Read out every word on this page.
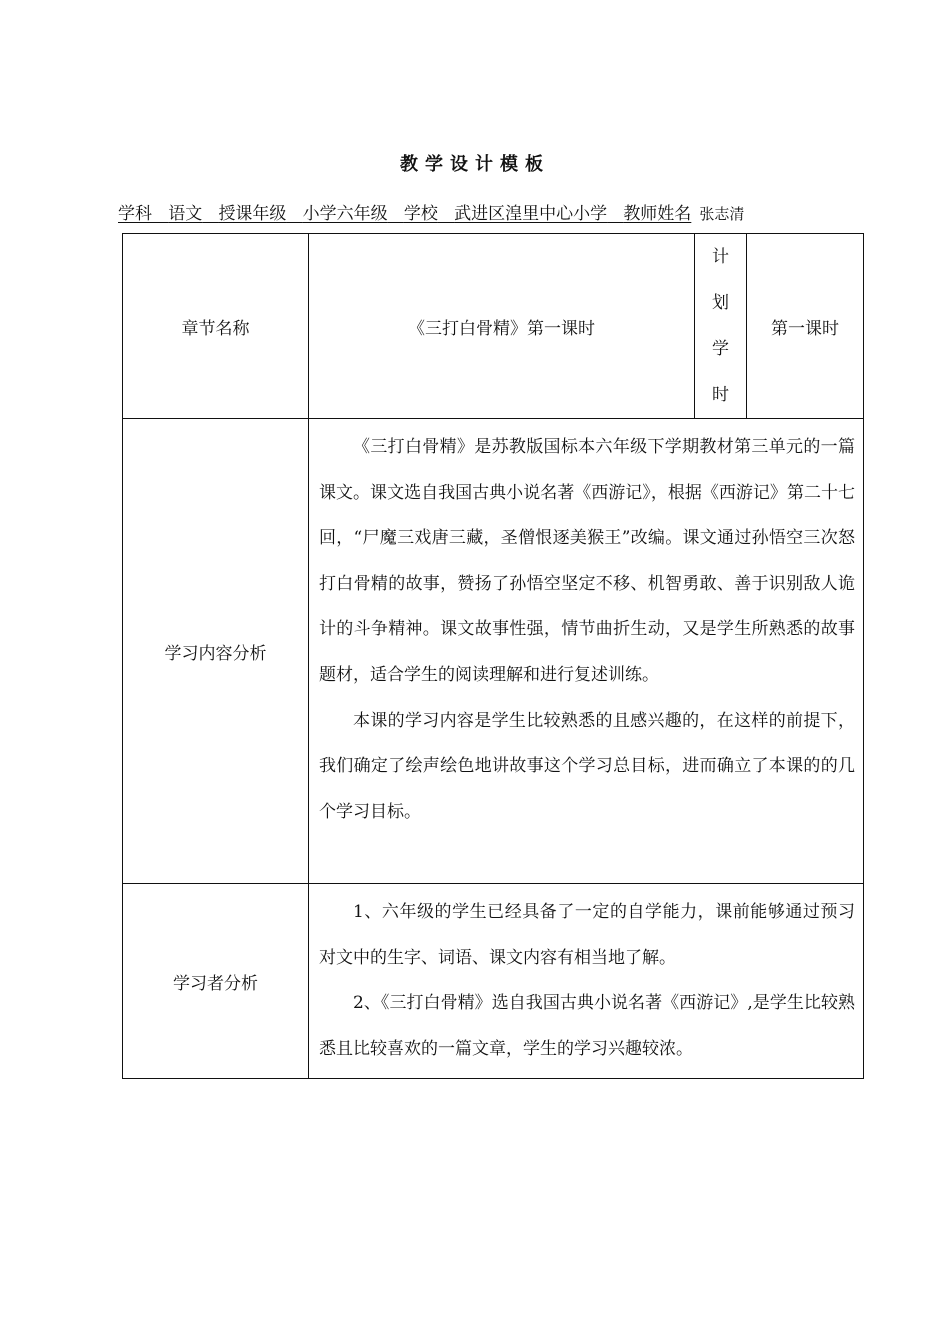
教学设计模板
学科 语文 授课年级 小学六年级 学校 武进区湟里中心小学 教师姓名 张志清
章节名称	《三打白骨精》第一课时	计
划
学
时	第一课时
学习内容分析	《三打白骨精》是苏教版国标本六年级下学期教材第三单元的一篇课文。课文选自我国古典小说名著《西游记》，根据《西游记》第二十七回，“尸魔三戏唐三藏，圣僧恨逐美猴王”改编。课文通过孙悟空三次怒打白骨精的故事，赞扬了孙悟空坚定不移、机智勇敢、善于识别敌人诡计的斗争精神。课文故事性强，情节曲折生动，又是学生所熟悉的故事题材，适合学生的阅读理解和进行复述训练。

本课的学习内容是学生比较熟悉的且感兴趣的，在这样的前提下，我们确定了绘声绘色地讲故事这个学习总目标，进而确立了本课的的几个学习目标。		

学习者分析	1、六年级的学生已经具备了一定的自学能力，课前能够通过预习对文中的生字、词语、课文内容有相当地了解。

2、《三打白骨精》选自我国古典小说名著《西游记》,是学生比较熟悉且比较喜欢的一篇文章，学生的学习兴趣较浓。		
